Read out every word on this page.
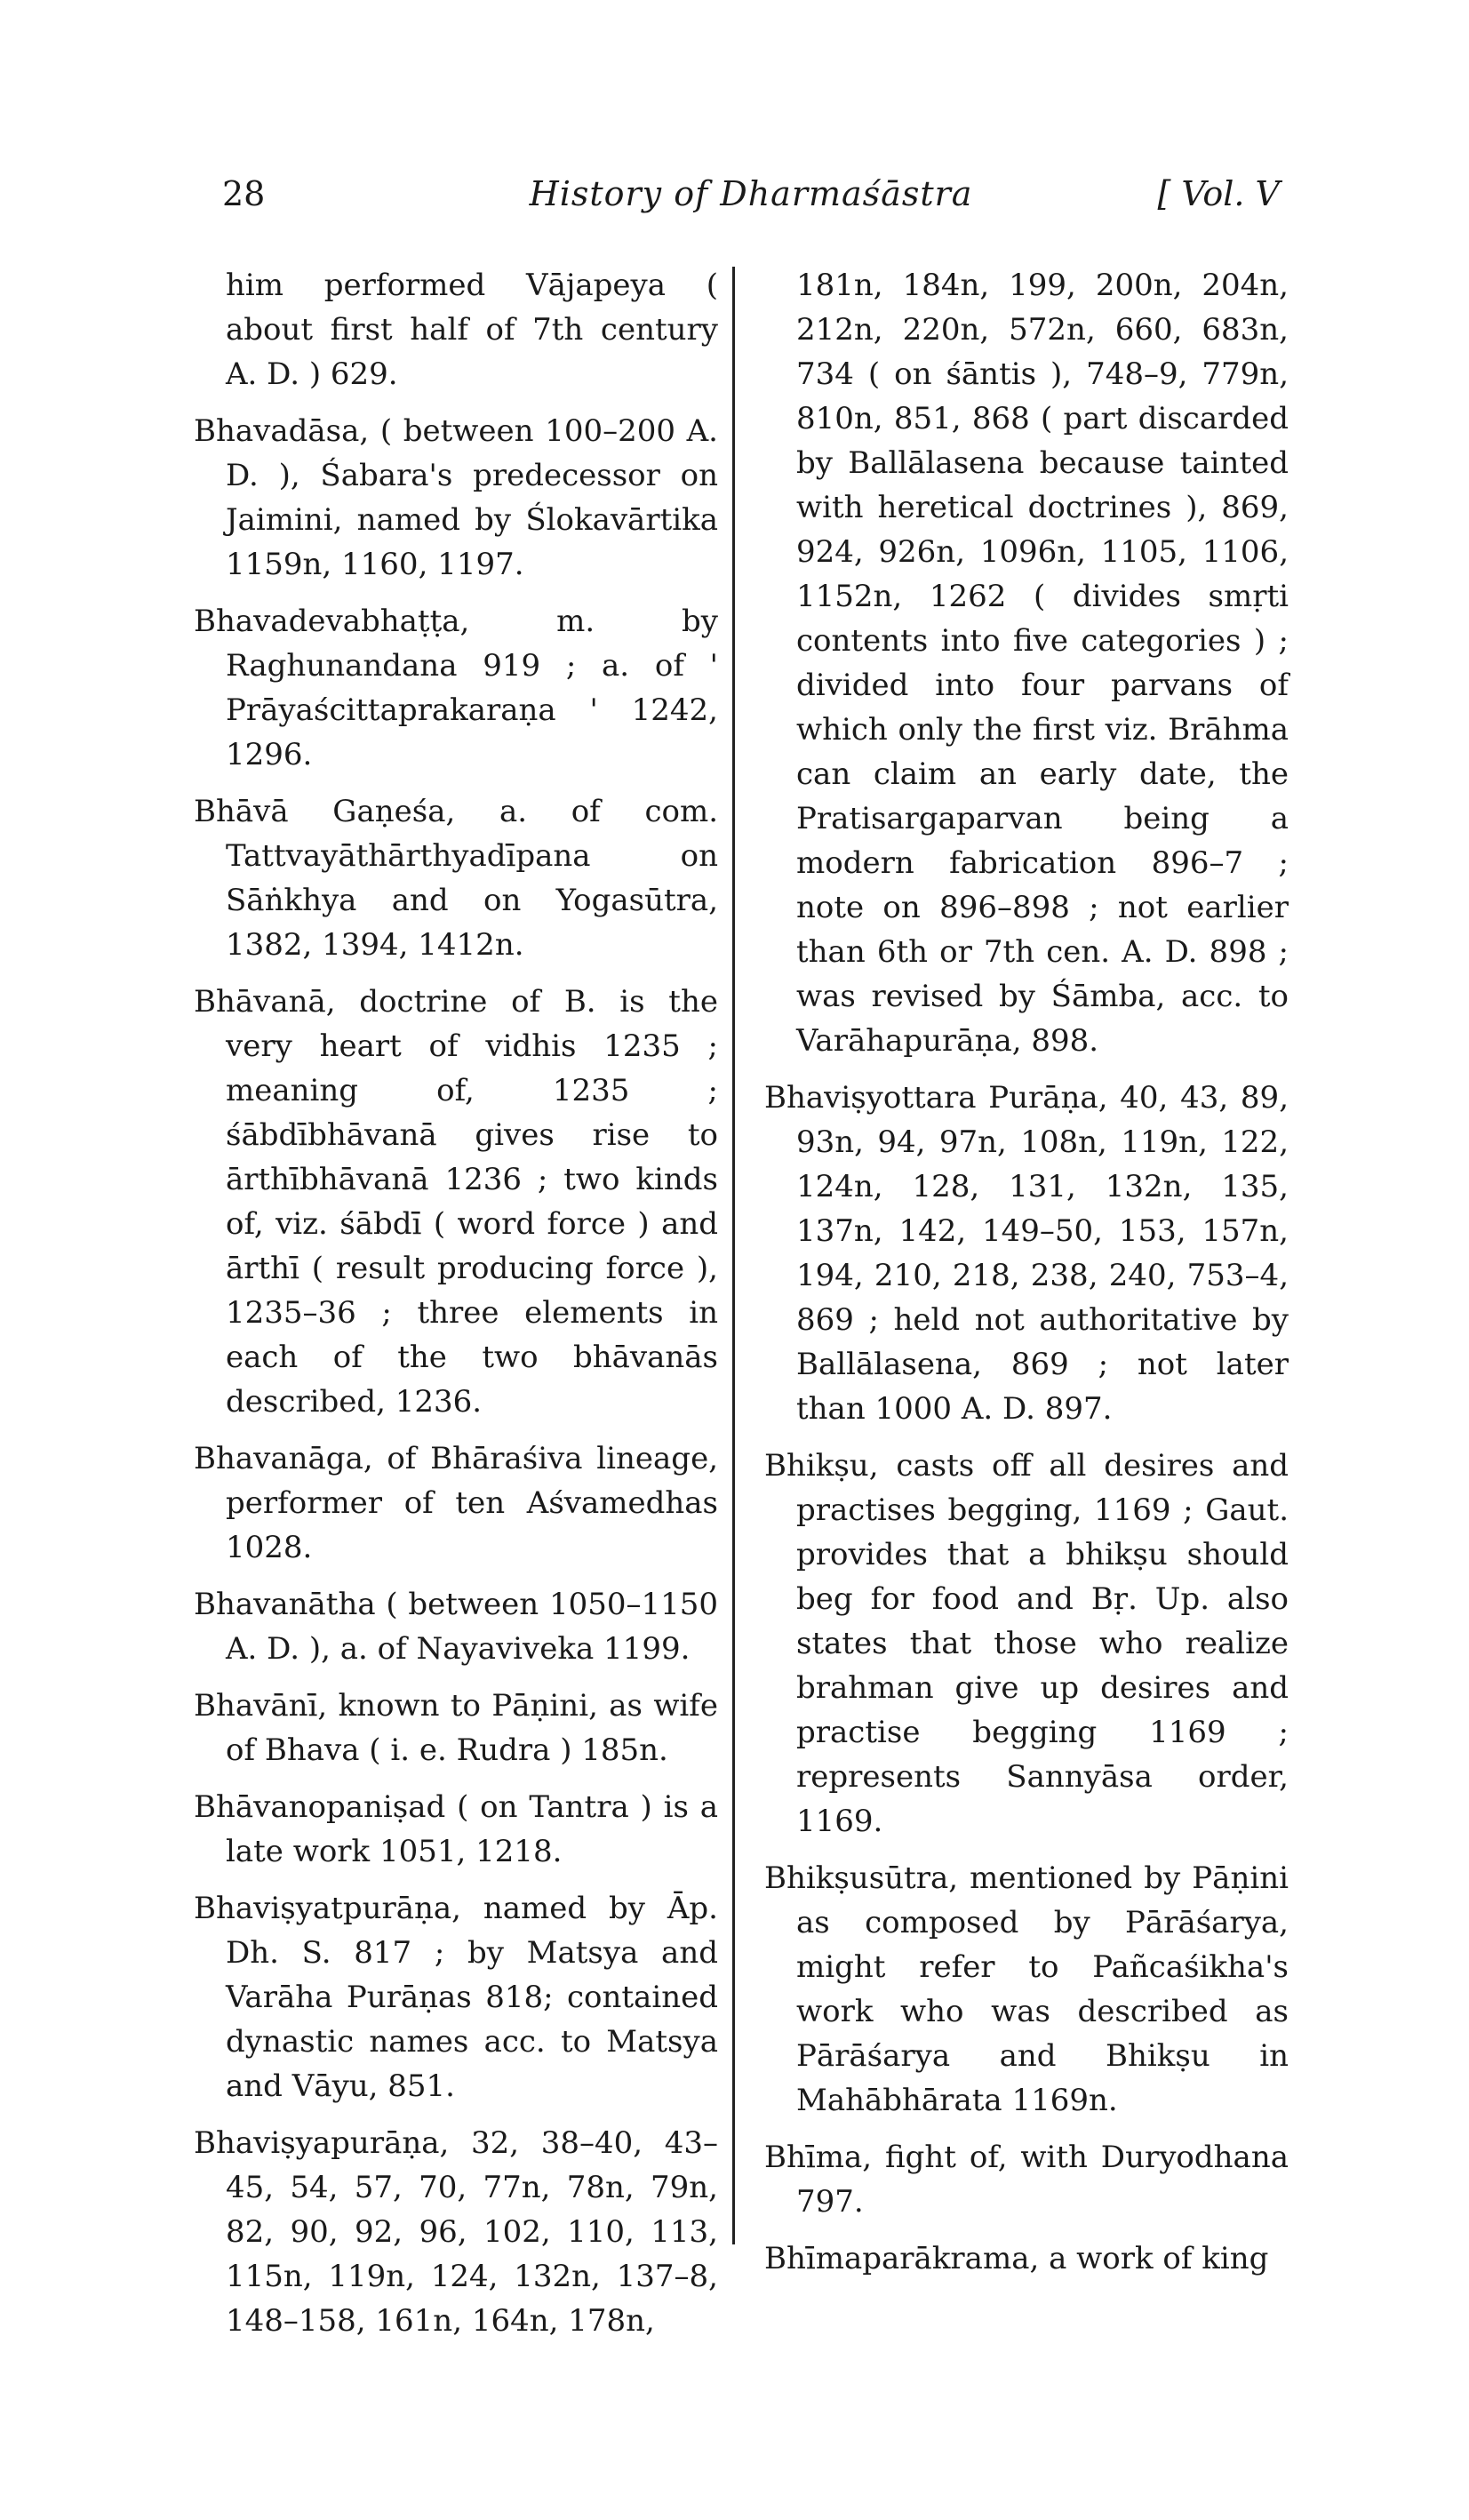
28	History of Dharmaśāstra	[ Vol. V
him performed Vājapeya ( about first half of 7th century A. D. ) 629.
Bhavadāsa, ( between 100–200 A. D. ), Śabara's predecessor on Jaimini, named by Ślokavārtika 1159n, 1160, 1197.
Bhavadevabhaṭṭa, m. by Raghunandana 919 ; a. of ' Prāyaścittaprakaraṇa ' 1242, 1296.
Bhāvā Gaṇeśa, a. of com. Tattvayāthārthyadīpana on Sāṅkhya and on Yogasūtra, 1382, 1394, 1412n.
Bhāvanā, doctrine of B. is the very heart of vidhis 1235 ; meaning of, 1235 ; śābdībhāvanā gives rise to ārthībhāvanā 1236 ; two kinds of, viz. śābdī ( word force ) and ārthī ( result producing force ), 1235–36 ; three elements in each of the two bhāvanās described, 1236.
Bhavanāga, of Bhāraśiva lineage, performer of ten Aśvamedhas 1028.
Bhavanātha ( between 1050–1150 A. D. ), a. of Nayaviveka 1199.
Bhavānī, known to Pāṇini, as wife of Bhava ( i. e. Rudra ) 185n.
Bhāvanopaniṣad ( on Tantra ) is a late work 1051, 1218.
Bhaviṣyatpurāṇa, named by Āp. Dh. S. 817 ; by Matsya and Varāha Purāṇas 818; contained dynastic names acc. to Matsya and Vāyu, 851.
Bhaviṣyapurāṇa, 32, 38–40, 43–45, 54, 57, 70, 77n, 78n, 79n, 82, 90, 92, 96, 102, 110, 113, 115n, 119n, 124, 132n, 137–8, 148–158, 161n, 164n, 178n,
181n, 184n, 199, 200n, 204n, 212n, 220n, 572n, 660, 683n, 734 ( on śāntis ), 748–9, 779n, 810n, 851, 868 ( part discarded by Ballālasena because tainted with heretical doctrines ), 869, 924, 926n, 1096n, 1105, 1106, 1152n, 1262 ( divides smṛti contents into five categories ) ; divided into four parvans of which only the first viz. Brāhma can claim an early date, the Pratisargaparvan being a modern fabrication 896–7 ; note on 896–898 ; not earlier than 6th or 7th cen. A. D. 898 ; was revised by Śāmba, acc. to Varāhapurāṇa, 898.
Bhaviṣyottara Purāṇa, 40, 43, 89, 93n, 94, 97n, 108n, 119n, 122, 124n, 128, 131, 132n, 135, 137n, 142, 149–50, 153, 157n, 194, 210, 218, 238, 240, 753–4, 869 ; held not authoritative by Ballālasena, 869 ; not later than 1000 A. D. 897.
Bhikṣu, casts off all desires and practises begging, 1169 ; Gaut. provides that a bhikṣu should beg for food and Bṛ. Up. also states that those who realize brahman give up desires and practise begging 1169 ; represents Sannyāsa order, 1169.
Bhikṣusūtra, mentioned by Pāṇini as composed by Pārāśarya, might refer to Pañcaśikha's work who was described as Pārāśarya and Bhikṣu in Mahābhārata 1169n.
Bhīma, fight of, with Duryodhana 797.
Bhīmaparākrama, a work of king
